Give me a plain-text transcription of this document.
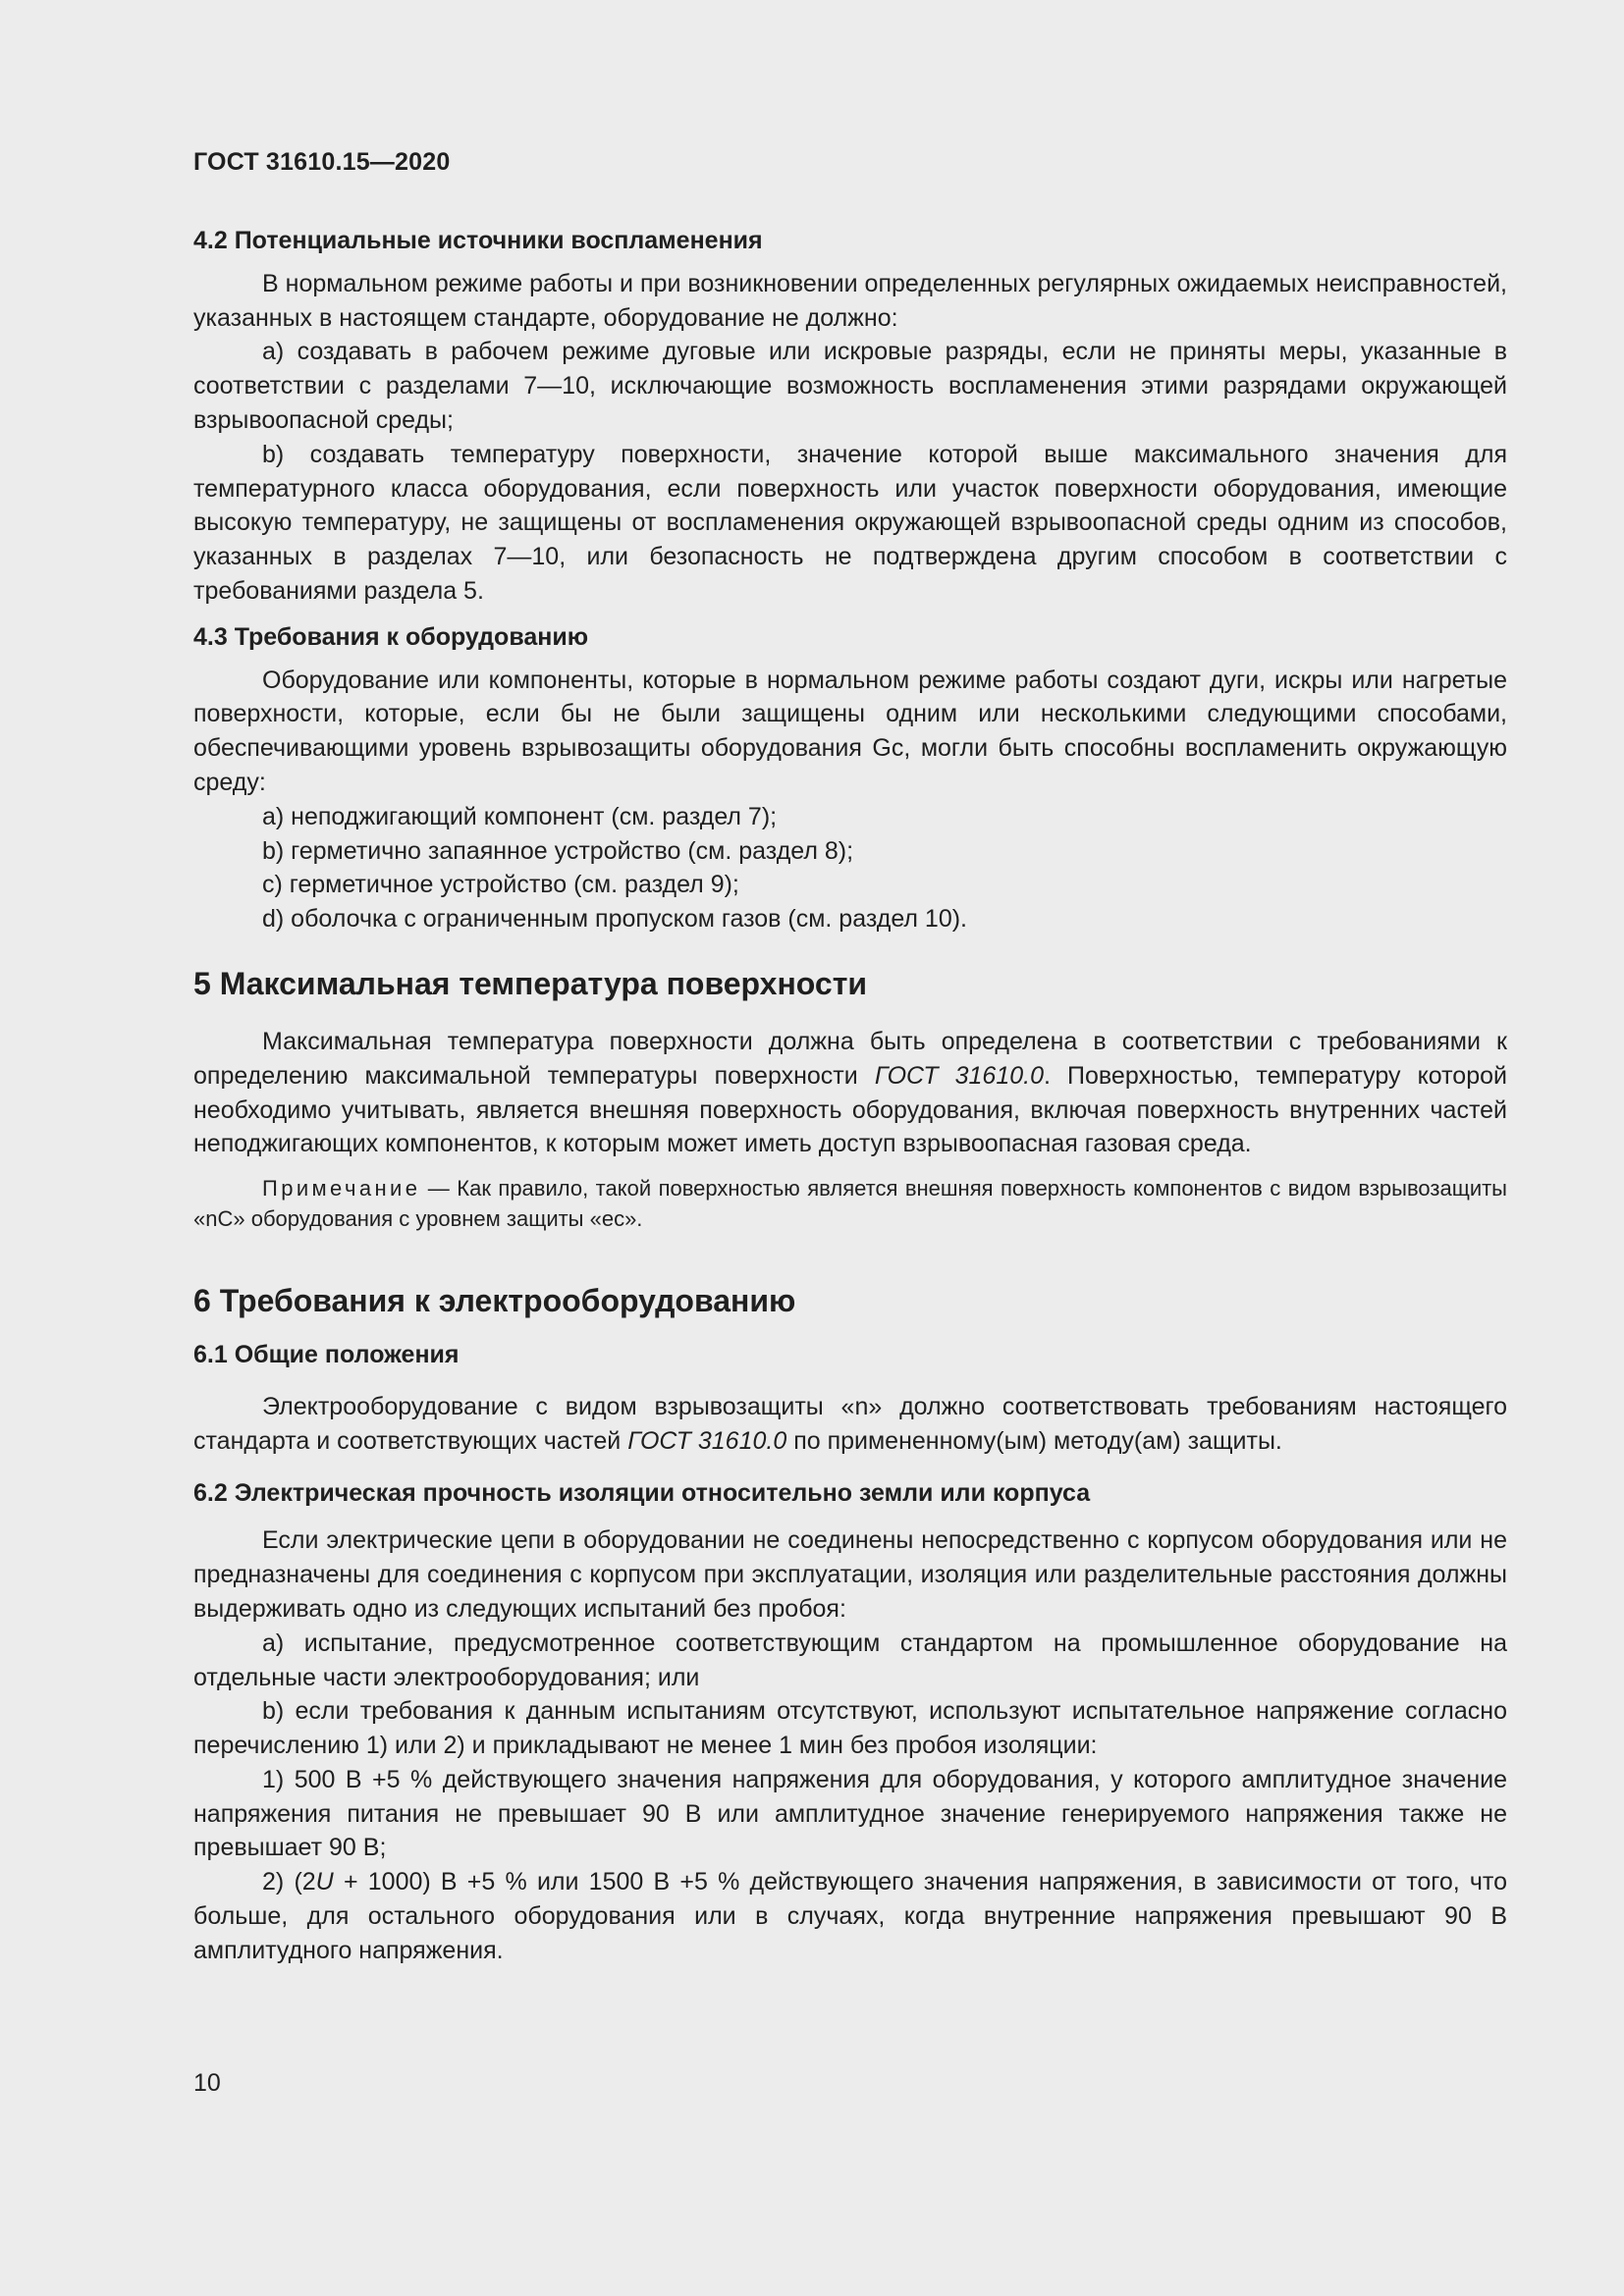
ГОСТ 31610.15—2020

4.2 Потенциальные источники воспламенения

В нормальном режиме работы и при возникновении определенных регулярных ожидаемых неисправностей, указанных в настоящем стандарте, оборудование не должно:

a) создавать в рабочем режиме дуговые или искровые разряды, если не приняты меры, указанные в соответствии с разделами 7—10, исключающие возможность воспламенения этими разрядами окружающей взрывоопасной среды;

b) создавать температуру поверхности, значение которой выше максимального значения для температурного класса оборудования, если поверхность или участок поверхности оборудования, имеющие высокую температуру, не защищены от воспламенения окружающей взрывоопасной среды одним из способов, указанных в разделах 7—10, или безопасность не подтверждена другим способом в соответствии с требованиями раздела 5.

4.3 Требования к оборудованию

Оборудование или компоненты, которые в нормальном режиме работы создают дуги, искры или нагретые поверхности, которые, если бы не были защищены одним или несколькими следующими способами, обеспечивающими уровень взрывозащиты оборудования Gc, могли быть способны воспламенить окружающую среду:

a) неподжигающий компонент (см. раздел 7);

b) герметично запаянное устройство (см. раздел 8);

c) герметичное устройство (см. раздел 9);

d) оболочка с ограниченным пропуском газов (см. раздел 10).

5 Максимальная температура поверхности

Максимальная температура поверхности должна быть определена в соответствии с требованиями к определению максимальной температуры поверхности ГОСТ 31610.0. Поверхностью, температуру которой необходимо учитывать, является внешняя поверхность оборудования, включая поверхность внутренних частей неподжигающих компонентов, к которым может иметь доступ взрывоопасная газовая среда.

Примечание — Как правило, такой поверхностью является внешняя поверхность компонентов с видом взрывозащиты «nC» оборудования с уровнем защиты «ec».

6 Требования к электрооборудованию

6.1 Общие положения

Электрооборудование с видом взрывозащиты «n» должно соответствовать требованиям настоящего стандарта и соответствующих частей ГОСТ 31610.0 по примененному(ым) методу(ам) защиты.

6.2 Электрическая прочность изоляции относительно земли или корпуса

Если электрические цепи в оборудовании не соединены непосредственно с корпусом оборудования или не предназначены для соединения с корпусом при эксплуатации, изоляция или разделительные расстояния должны выдерживать одно из следующих испытаний без пробоя:

a) испытание, предусмотренное соответствующим стандартом на промышленное оборудование на отдельные части электрооборудования; или

b) если требования к данным испытаниям отсутствуют, используют испытательное напряжение согласно перечислению 1) или 2) и прикладывают не менее 1 мин без пробоя изоляции:

1) 500 В +5 % действующего значения напряжения для оборудования, у которого амплитудное значение напряжения питания не превышает 90 В или амплитудное значение генерируемого напряжения также не превышает 90 В;

2) (2U + 1000) В +5 % или 1500 В +5 % действующего значения напряжения, в зависимости от того, что больше, для остального оборудования или в случаях, когда внутренние напряжения превышают 90 В амплитудного напряжения.

10
